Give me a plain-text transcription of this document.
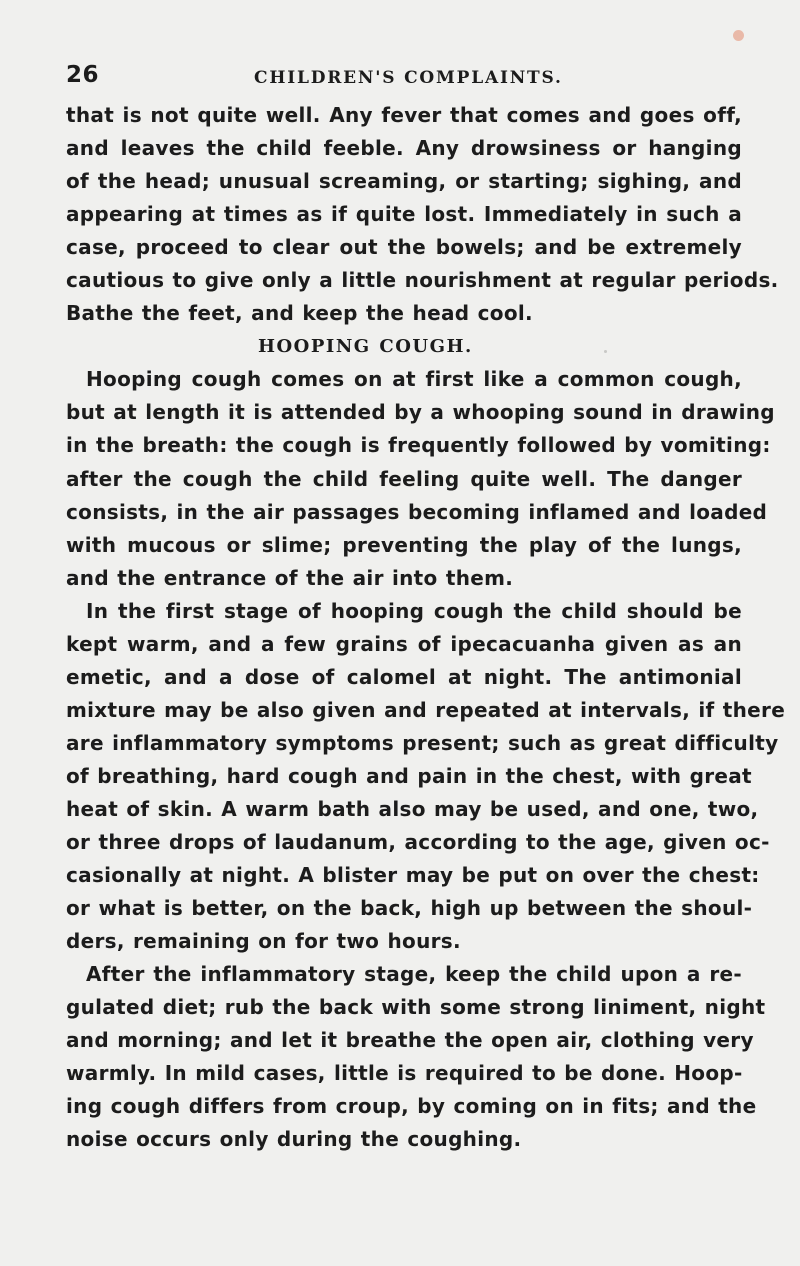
26	CHILDREN'S COMPLAINTS.
that is not quite well. Any fever that comes and goes off,
and leaves the child feeble. Any drowsiness or hanging
of the head; unusual screaming, or starting; sighing, and
appearing at times as if quite lost. Immediately in such a
case, proceed to clear out the bowels; and be extremely
cautious to give only a little nourishment at regular periods.
Bathe the feet, and keep the head cool.
HOOPING COUGH.
Hooping cough comes on at first like a common cough,
but at length it is attended by a whooping sound in drawing
in the breath: the cough is frequently followed by vomiting:
after the cough the child feeling quite well. The danger
consists, in the air passages becoming inflamed and loaded
with mucous or slime; preventing the play of the lungs,
and the entrance of the air into them.
In the first stage of hooping cough the child should be
kept warm, and a few grains of ipecacuanha given as an
emetic, and a dose of calomel at night. The antimonial
mixture may be also given and repeated at intervals, if there
are inflammatory symptoms present; such as great difficulty
of breathing, hard cough and pain in the chest, with great
heat of skin. A warm bath also may be used, and one, two,
or three drops of laudanum, according to the age, given oc-
casionally at night. A blister may be put on over the chest:
or what is better, on the back, high up between the shoul-
ders, remaining on for two hours.
After the inflammatory stage, keep the child upon a re-
gulated diet; rub the back with some strong liniment, night
and morning; and let it breathe the open air, clothing very
warmly. In mild cases, little is required to be done. Hoop-
ing cough differs from croup, by coming on in fits; and the
noise occurs only during the coughing.
